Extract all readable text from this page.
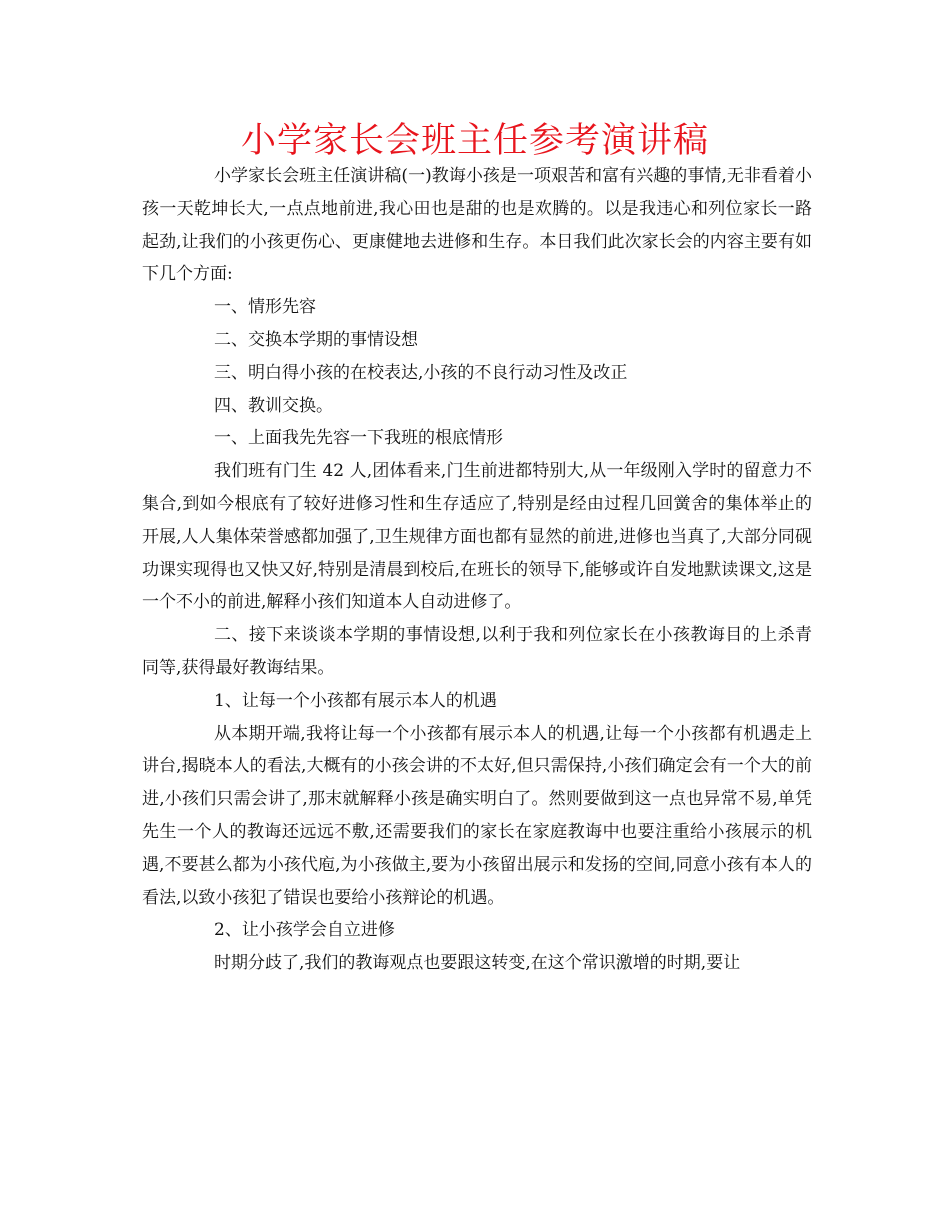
小学家长会班主任参考演讲稿

小学家长会班主任演讲稿(一)教诲小孩是一项艰苦和富有兴趣的事情,无非看着小孩一天乾坤长大,一点点地前进,我心田也是甜的也是欢腾的。以是我违心和列位家长一路起劲,让我们的小孩更伤心、更康健地去进修和生存。本日我们此次家长会的内容主要有如下几个方面:

一、情形先容

二、交换本学期的事情设想

三、明白得小孩的在校表达,小孩的不良行动习性及改正

四、教训交换。

一、上面我先先容一下我班的根底情形

我们班有门生 42 人,团体看来,门生前进都特别大,从一年级刚入学时的留意力不集合,到如今根底有了较好进修习性和生存适应了,特别是经由过程几回黉舍的集体举止的开展,人人集体荣誉感都加强了,卫生规律方面也都有显然的前进,进修也当真了,大部分同砚功课实现得也又快又好,特别是清晨到校后,在班长的领导下,能够或许自发地默读课文,这是一个不小的前进,解释小孩们知道本人自动进修了。

二、接下来谈谈本学期的事情设想,以利于我和列位家长在小孩教诲目的上杀青同等,获得最好教诲结果。

1、让每一个小孩都有展示本人的机遇

从本期开端,我将让每一个小孩都有展示本人的机遇,让每一个小孩都有机遇走上讲台,揭晓本人的看法,大概有的小孩会讲的不太好,但只需保持,小孩们确定会有一个大的前进,小孩们只需会讲了,那末就解释小孩是确实明白了。然则要做到这一点也异常不易,单凭先生一个人的教诲还远远不敷,还需要我们的家长在家庭教诲中也要注重给小孩展示的机遇,不要甚么都为小孩代庖,为小孩做主,要为小孩留出展示和发扬的空间,同意小孩有本人的看法,以致小孩犯了错误也要给小孩辩论的机遇。

2、让小孩学会自立进修

时期分歧了,我们的教诲观点也要跟这转变,在这个常识激增的时期,要让
